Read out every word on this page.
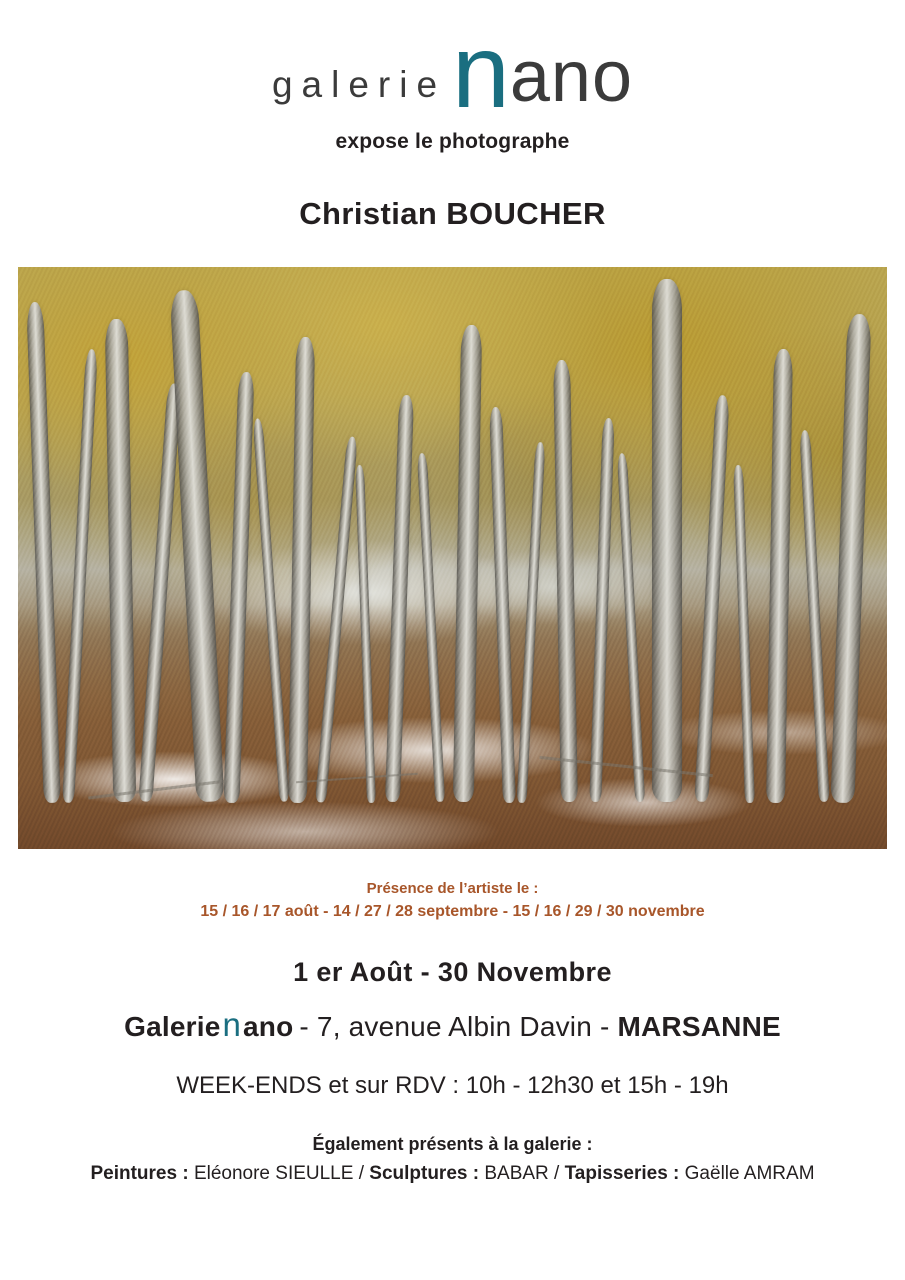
galerie n ano
expose le photographe
Christian BOUCHER
Présence de l’artiste le :
15 / 16 / 17 août - 14 / 27 / 28 septembre - 15 / 16 / 29 / 30 novembre
1 er Août - 30 Novembre
Galerie n ano - 7, avenue Albin Davin - MARSANNE
WEEK-ENDS et sur RDV : 10h - 12h30 et 15h - 19h
Également présents à la galerie :
Peintures : Eléonore SIEULLE / Sculptures : BABAR / Tapisseries : Gaëlle AMRAM
